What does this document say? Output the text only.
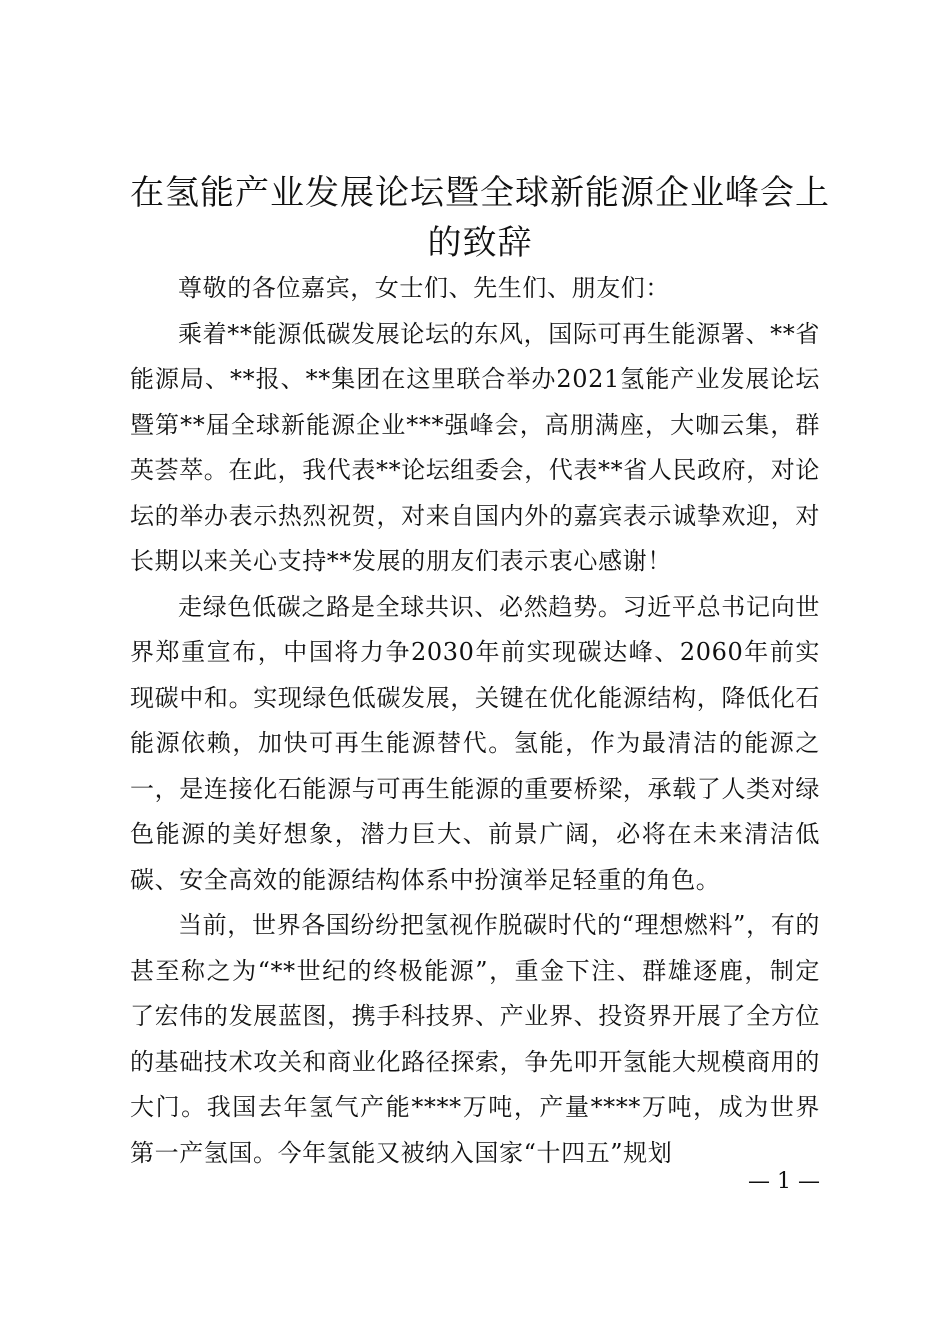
在氢能产业发展论坛暨全球新能源企业峰会上的致辞

尊敬的各位嘉宾，女士们、先生们、朋友们：

乘着**能源低碳发展论坛的东风，国际可再生能源署、**省能源局、**报、**集团在这里联合举办2021氢能产业发展论坛暨第**届全球新能源企业***强峰会，高朋满座，大咖云集，群英荟萃。在此，我代表**论坛组委会，代表**省人民政府，对论坛的举办表示热烈祝贺，对来自国内外的嘉宾表示诚挚欢迎，对长期以来关心支持**发展的朋友们表示衷心感谢！

走绿色低碳之路是全球共识、必然趋势。习近平总书记向世界郑重宣布，中国将力争2030年前实现碳达峰、2060年前实现碳中和。实现绿色低碳发展，关键在优化能源结构，降低化石能源依赖，加快可再生能源替代。氢能，作为最清洁的能源之一，是连接化石能源与可再生能源的重要桥梁，承载了人类对绿色能源的美好想象，潜力巨大、前景广阔，必将在未来清洁低碳、安全高效的能源结构体系中扮演举足轻重的角色。

当前，世界各国纷纷把氢视作脱碳时代的“理想燃料”，有的甚至称之为“**世纪的终极能源”，重金下注、群雄逐鹿，制定了宏伟的发展蓝图，携手科技界、产业界、投资界开展了全方位的基础技术攻关和商业化路径探索，争先叩开氢能大规模商用的大门。我国去年氢气产能****万吨，产量****万吨，成为世界第一产氢国。今年氢能又被纳入国家“十四五”规划

— 1 —
